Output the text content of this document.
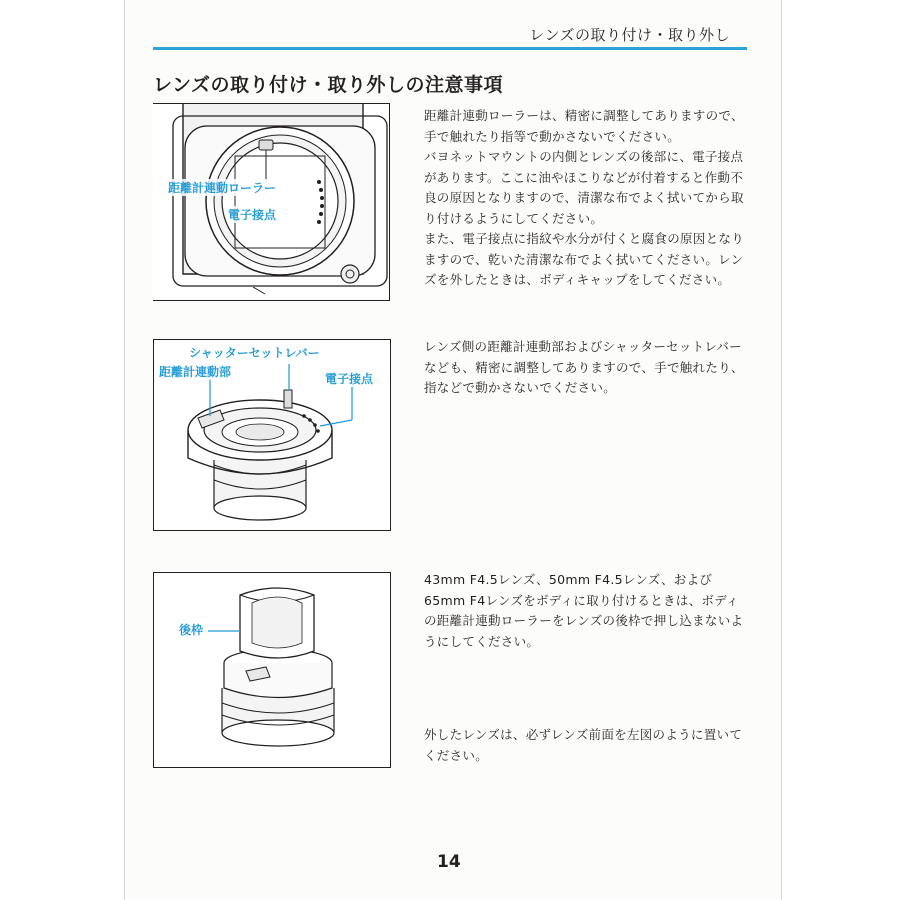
レンズの取り付け・取り外し
レンズの取り付け・取り外しの注意事項
距離計連動ローラー
電子接点
シャッターセットレバー
距離計連動部	電子接点
後枠

距離計連動ローラーは、精密に調整してありますので、手で触れたり指等で動かさないでください。

バヨネットマウントの内側とレンズの後部に、電子接点があります。ここに油やほこりなどが付着すると作動不良の原因となりますので、清潔な布でよく拭いてから取り付けるようにしてください。

また、電子接点に指紋や水分が付くと腐食の原因となりますので、乾いた清潔な布でよく拭いてください。レンズを外したときは、ボディキャップをしてください。

レンズ側の距離計連動部およびシャッターセットレバーなども、精密に調整してありますので、手で触れたり、指などで動かさないでください。

43mm F4.5レンズ、50mm F4.5レンズ、および65mm F4レンズをボディに取り付けるときは、ボディの距離計連動ローラーをレンズの後枠で押し込まないようにしてください。

外したレンズは、必ずレンズ前面を左図のように置いてください。

14
